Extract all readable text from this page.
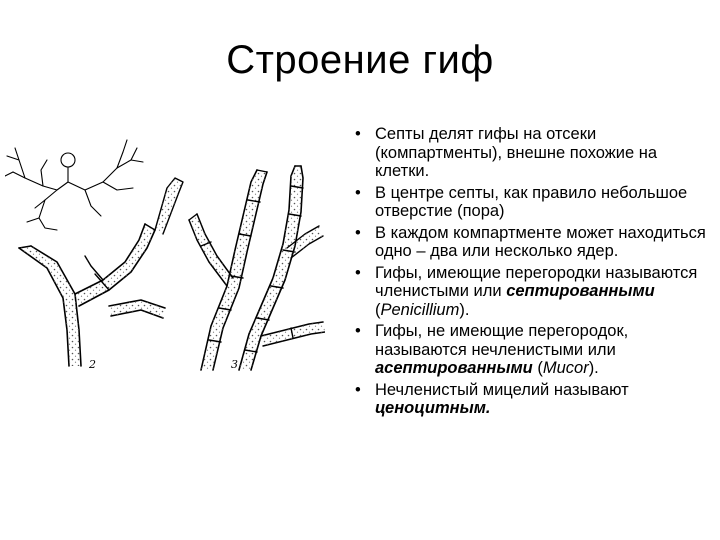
Строение гиф
2	3
• Септы делят гифы на отсеки (компартменты), внешне похожие на клетки.
• В центре септы, как правило небольшое отверстие (пора)
• В каждом компартменте может находиться одно – два или несколько ядер.
• Гифы, имеющие перегородки называются членистыми или септированными (Penicillium).
• Гифы, не имеющие перегородок, называются нечленистыми или асептированными (Mucor).
• Нечленистый мицелий называют ценоцитным.
